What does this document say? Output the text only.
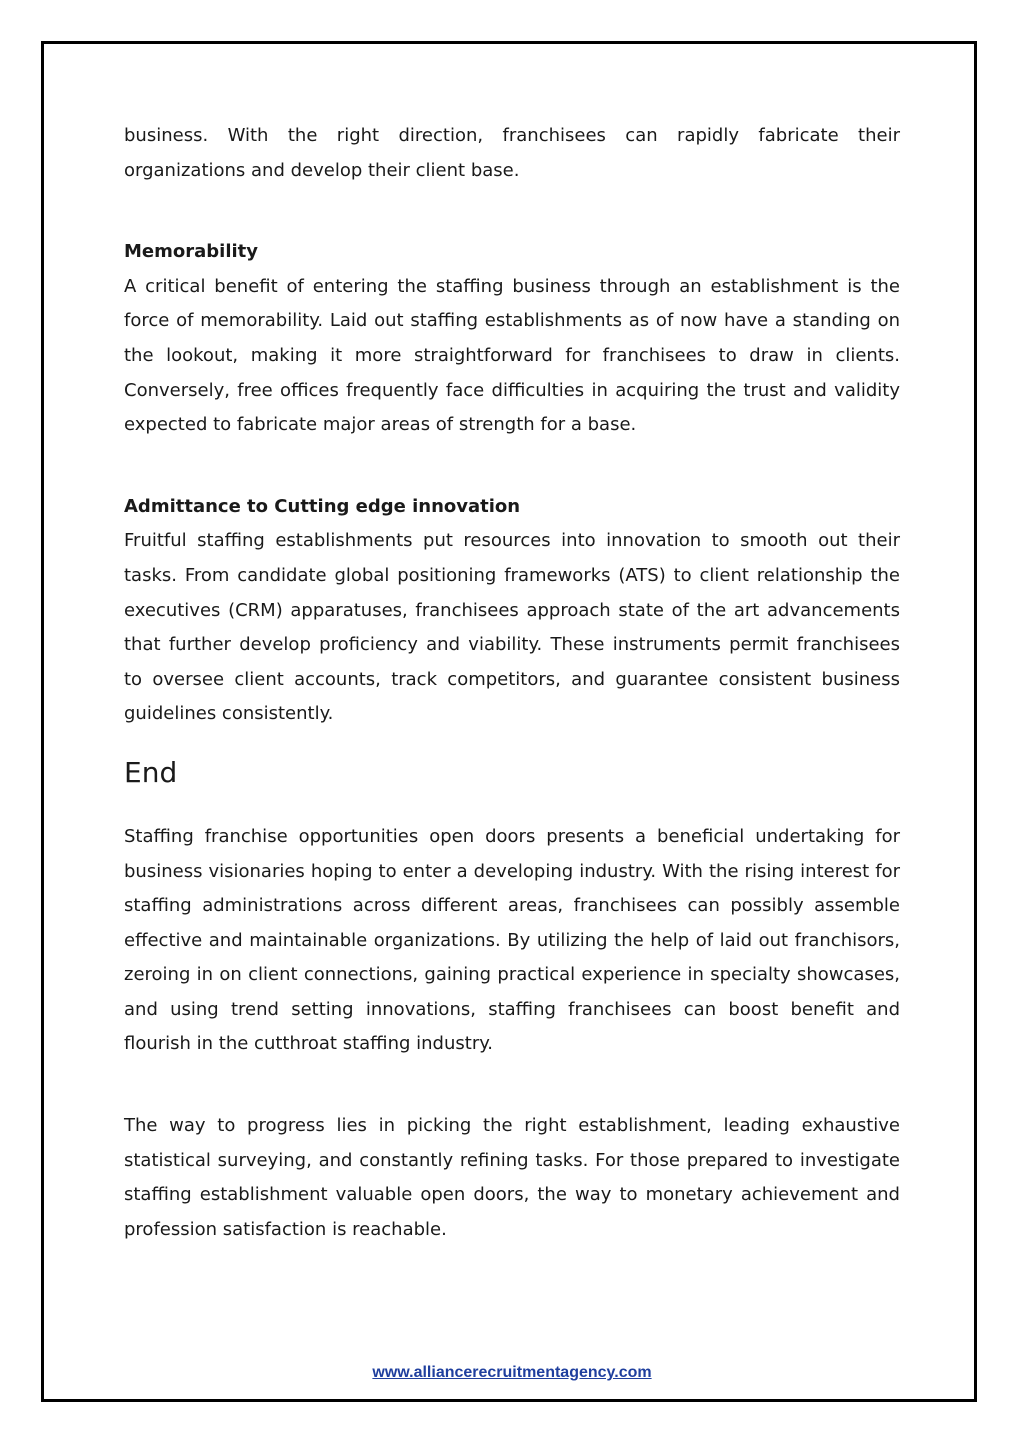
business. With the right direction, franchisees can rapidly fabricate their organizations and develop their client base.

Memorability

A critical benefit of entering the staffing business through an establishment is the force of memorability. Laid out staffing establishments as of now have a standing on the lookout, making it more straightforward for franchisees to draw in clients. Conversely, free offices frequently face difficulties in acquiring the trust and validity expected to fabricate major areas of strength for a base.

Admittance to Cutting edge innovation

Fruitful staffing establishments put resources into innovation to smooth out their tasks. From candidate global positioning frameworks (ATS) to client relationship the executives (CRM) apparatuses, franchisees approach state of the art advancements that further develop proficiency and viability. These instruments permit franchisees to oversee client accounts, track competitors, and guarantee consistent business guidelines consistently.

End

Staffing franchise opportunities open doors presents a beneficial undertaking for business visionaries hoping to enter a developing industry. With the rising interest for staffing administrations across different areas, franchisees can possibly assemble effective and maintainable organizations. By utilizing the help of laid out franchisors, zeroing in on client connections, gaining practical experience in specialty showcases, and using trend setting innovations, staffing franchisees can boost benefit and flourish in the cutthroat staffing industry.

The way to progress lies in picking the right establishment, leading exhaustive statistical surveying, and constantly refining tasks. For those prepared to investigate staffing establishment valuable open doors, the way to monetary achievement and profession satisfaction is reachable.

www.alliancerecruitmentagency.com
